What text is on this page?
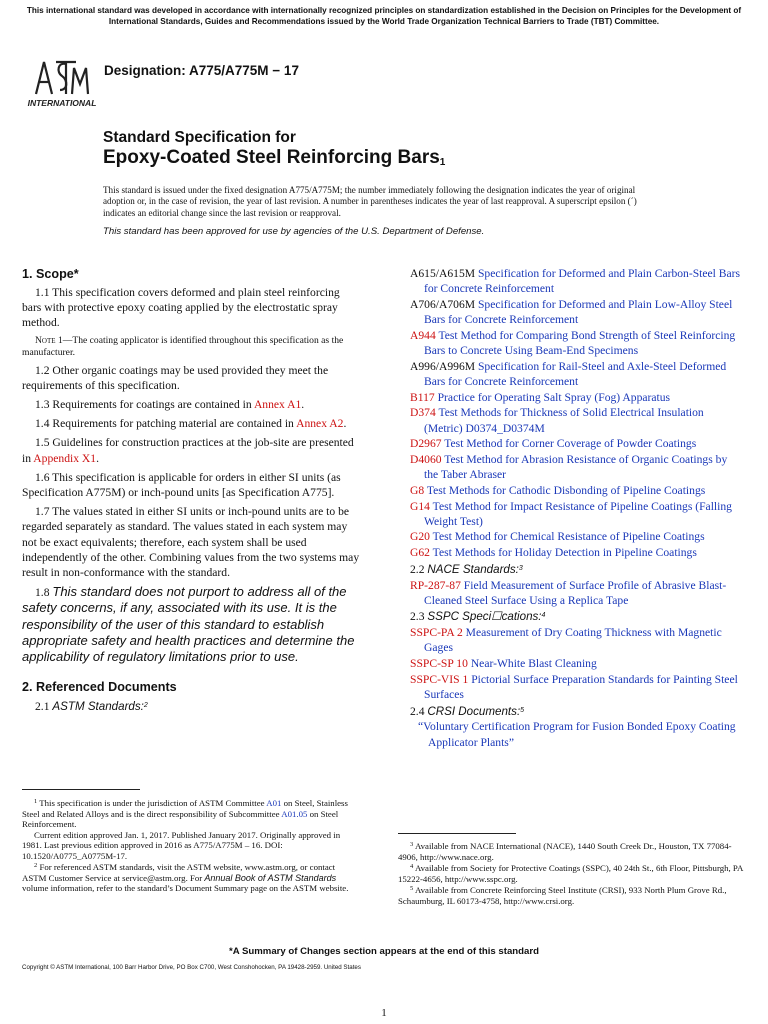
This international standard was developed in accordance with internationally recognized principles on standardization established in the Decision on Principles for the Development of International Standards, Guides and Recommendations issued by the World Trade Organization Technical Barriers to Trade (TBT) Committee.
INTERNATIONAL
Designation: A775/A775M − 17
Standard Specification for
Epoxy-Coated Steel Reinforcing Bars$^1$
This standard is issued under the fixed designation A775/A775M; the number immediately following the designation indicates the year of original adoption or, in the case of revision, the year of last revision. A number in parentheses indicates the year of last reapproval. A superscript epsilon (´) indicates an editorial change since the last revision or reapproval.
This standard has been approved for use by agencies of the U.S. Department of Defense.
1. Scope*

1.1 This specification covers deformed and plain steel reinforcing bars with protective epoxy coating applied by the electrostatic spray method.

Note 1—The coating applicator is identified throughout this specification as the manufacturer.

1.2 Other organic coatings may be used provided they meet the requirements of this specification.

1.3 Requirements for coatings are contained in Annex A1.

1.4 Requirements for patching material are contained in Annex A2.

1.5 Guidelines for construction practices at the job-site are presented in Appendix X1.

1.6 This specification is applicable for orders in either SI units (as Specification A775M) or inch-pound units [as Specification A775].

1.7 The values stated in either SI units or inch-pound units are to be regarded separately as standard. The values stated in each system may not be exact equivalents; therefore, each system shall be used independently of the other. Combining values from the two systems may result in non-conformance with the standard.

1.8 This standard does not purport to address all of the safety concerns, if any, associated with its use. It is the responsibility of the user of this standard to establish appropriate safety and health practices and determine the applicability of regulatory limitations prior to use.

2. Referenced Documents

2.1 ASTM Standards:$^2$

A615/A615M Specification for Deformed and Plain Carbon-Steel Bars for Concrete Reinforcement

A706/A706M Specification for Deformed and Plain Low-Alloy Steel Bars for Concrete Reinforcement

A944 Test Method for Comparing Bond Strength of Steel Reinforcing Bars to Concrete Using Beam-End Specimens

A996/A996M Specification for Rail-Steel and Axle-Steel Deformed Bars for Concrete Reinforcement

B117 Practice for Operating Salt Spray (Fog) Apparatus

D374 Test Methods for Thickness of Solid Electrical Insulation (Metric) D0374_D0374M

D2967 Test Method for Corner Coverage of Powder Coatings

D4060 Test Method for Abrasion Resistance of Organic Coatings by the Taber Abraser

G8 Test Methods for Cathodic Disbonding of Pipeline Coatings

G14 Test Method for Impact Resistance of Pipeline Coatings (Falling Weight Test)

G20 Test Method for Chemical Resistance of Pipeline Coatings

G62 Test Methods for Holiday Detection in Pipeline Coatings

2.2 NACE Standards:$^3$

RP-287-87 Field Measurement of Surface Profile of Abrasive Blast-Cleaned Steel Surface Using a Replica Tape

2.3 SSPC Speci☐cations:$^4$

SSPC-PA 2 Measurement of Dry Coating Thickness with Magnetic Gages

SSPC-SP 10 Near-White Blast Cleaning

SSPC-VIS 1 Pictorial Surface Preparation Standards for Painting Steel Surfaces

2.4 CRSI Documents:$^5$

“Voluntary Certification Program for Fusion Bonded Epoxy Coating Applicator Plants”

$^1$ This specification is under the jurisdiction of ASTM Committee A01 on Steel, Stainless Steel and Related Alloys and is the direct responsibility of Subcommittee A01.05 on Steel Reinforcement.

Current edition approved Jan. 1, 2017. Published January 2017. Originally approved in 1981. Last previous edition approved in 2016 as A775/A775M – 16. DOI: 10.1520/A0775_A0775M-17.

$^2$ For referenced ASTM standards, visit the ASTM website, www.astm.org, or contact ASTM Customer Service at service@astm.org. For Annual Book of ASTM Standards volume information, refer to the standard’s Document Summary page on the ASTM website.

$^3$ Available from NACE International (NACE), 1440 South Creek Dr., Houston, TX 77084-4906, http://www.nace.org.

$^4$ Available from Society for Protective Coatings (SSPC), 40 24th St., 6th Floor, Pittsburgh, PA 15222-4656, http://www.sspc.org.

$^5$ Available from Concrete Reinforcing Steel Institute (CRSI), 933 North Plum Grove Rd., Schaumburg, IL 60173-4758, http://www.crsi.org.

*A Summary of Changes section appears at the end of this standard
Copyright © ASTM International, 100 Barr Harbor Drive, PO Box C700, West Conshohocken, PA 19428-2959. United States
1
